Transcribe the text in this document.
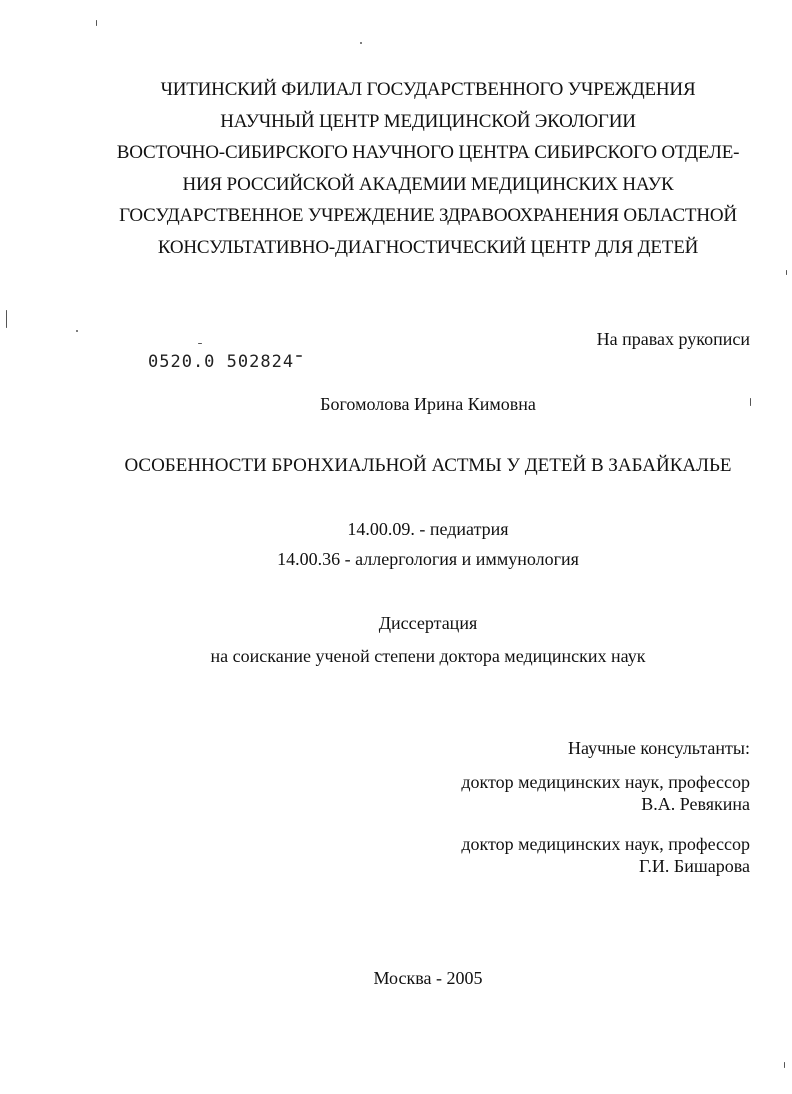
ЧИТИНСКИЙ ФИЛИАЛ ГОСУДАРСТВЕННОГО УЧРЕЖДЕНИЯ
НАУЧНЫЙ ЦЕНТР МЕДИЦИНСКОЙ ЭКОЛОГИИ
ВОСТОЧНО-СИБИРСКОГО НАУЧНОГО ЦЕНТРА СИБИРСКОГО ОТДЕЛЕ-
НИЯ РОССИЙСКОЙ АКАДЕМИИ МЕДИЦИНСКИХ НАУК
ГОСУДАРСТВЕННОЕ УЧРЕЖДЕНИЕ ЗДРАВООХРАНЕНИЯ ОБЛАСТНОЙ
КОНСУЛЬТАТИВНО-ДИАГНОСТИЧЕСКИЙ ЦЕНТР ДЛЯ ДЕТЕЙ
На правах рукописи
0520.0 502824
Богомолова Ирина Кимовна
ОСОБЕННОСТИ БРОНХИАЛЬНОЙ АСТМЫ У ДЕТЕЙ В ЗАБАЙКАЛЬЕ
14.00.09. - педиатрия
14.00.36 - аллергология и иммунология
Диссертация
на соискание ученой степени доктора медицинских наук
Научные консультанты:
доктор медицинских наук, профессор
В.А. Ревякина
доктор медицинских наук, профессор
Г.И. Бишарова
Москва - 2005
